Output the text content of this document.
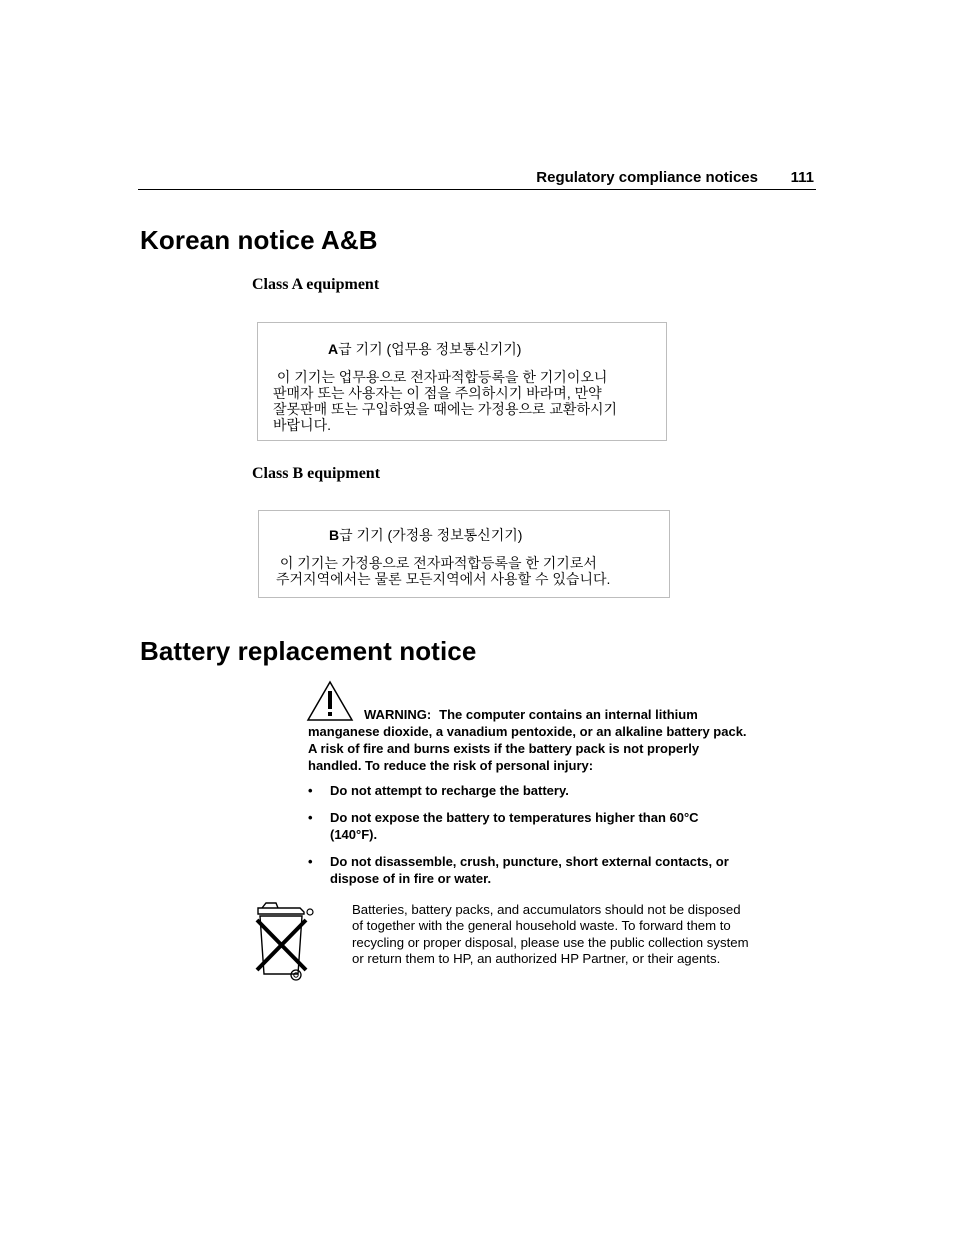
Regulatory compliance notices 111
Korean notice A&B
Class A equipment
A급 기기 (업무용 정보통신기기)
이 기기는 업무용으로 전자파적합등록을 한 기기이오니
판매자 또는 사용자는 이 점을 주의하시기 바라며, 만약
잘못판매 또는 구입하였을 때에는 가정용으로 교환하시기
바랍니다.
Class B equipment
B급 기기 (가정용 정보통신기기)
이 기기는 가정용으로 전자파적합등록을 한 기기로서
주거지역에서는 물론 모든지역에서 사용할 수 있습니다.
Battery replacement notice
WARNING: The computer contains an internal lithium manganese dioxide, a vanadium pentoxide, or an alkaline battery pack. A risk of fire and burns exists if the battery pack is not properly handled. To reduce the risk of personal injury:
• Do not attempt to recharge the battery.
• Do not expose the battery to temperatures higher than 60°C (140°F).
• Do not disassemble, crush, puncture, short external contacts, or dispose of in fire or water.
Batteries, battery packs, and accumulators should not be disposed of together with the general household waste. To forward them to recycling or proper disposal, please use the public collection system or return them to HP, an authorized HP Partner, or their agents.
